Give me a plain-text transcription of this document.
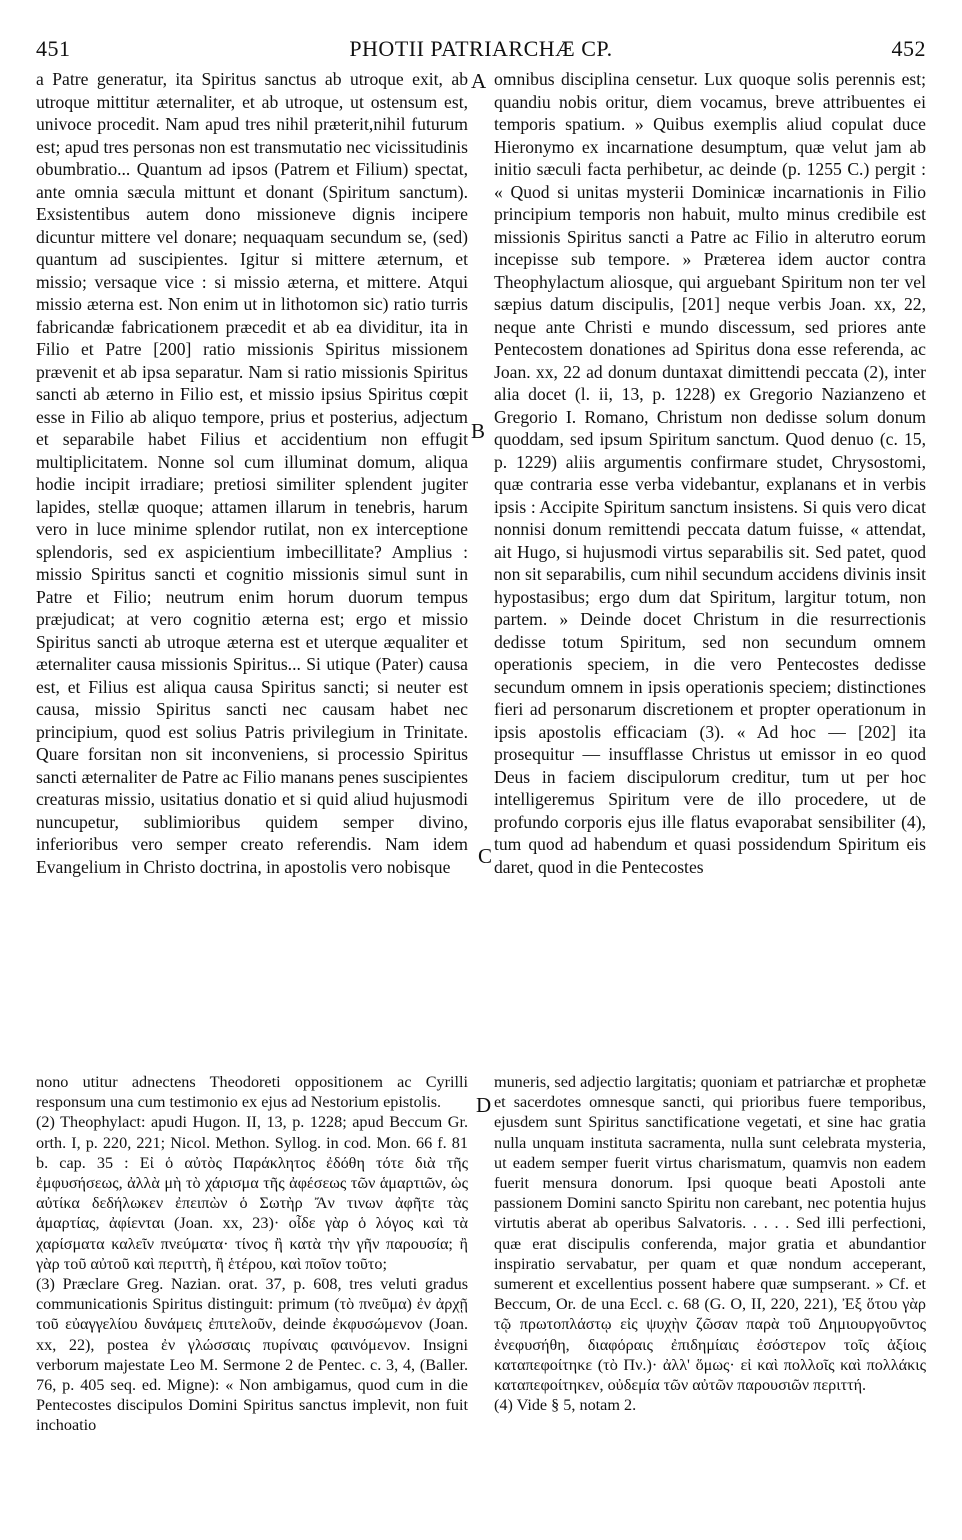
451	PHOTII PATRIARCHÆ CP.	452
a Patre generatur, ita Spiritus sanctus ab utroque exit, ab utroque mittitur æternaliter, et ab utroque, ut ostensum est, univoce procedit. Nam apud tres nihil præterit,nihil futurum est; apud tres personas non est transmutatio nec vicissitudinis obumbratio... Quantum ad ipsos (Patrem et Filium) spectat, ante omnia sæcula mittunt et donant (Spiritum sanctum). Exsistentibus autem dono missioneve dignis incipere dicuntur mittere vel donare; nequaquam secundum se, (sed) quantum ad suscipientes. Igitur si mittere æternum, et missio; versaque vice : si missio æterna, et mittere. Atqui missio æterna est. Non enim ut in lithotomon sic) ratio turris fabricandæ fabricationem præcedit et ab ea dividitur, ita in Filio et Patre [200] ratio missionis Spiritus missionem prævenit et ab ipsa separatur. Nam si ratio missionis Spiritus sancti ab æterno in Filio est, et missio ipsius Spiritus cœpit esse in Filio ab aliquo tempore, prius et posterius, adjectum et separabile habet Filius et accidentium non effugit multiplicitatem. Nonne sol cum illuminat domum, aliqua hodie incipit irradiare; pretiosi similiter splendent jugiter lapides, stellæ quoque; attamen illarum in tenebris, harum vero in luce minime splendor rutilat, non ex interceptione splendoris, sed ex aspicientium imbecillitate? Amplius : missio Spiritus sancti et cognitio missionis simul sunt in Patre et Filio; neutrum enim horum duorum tempus præjudicat; at vero cognitio æterna est; ergo et missio Spiritus sancti ab utroque æterna est et uterque æqualiter et æternaliter causa missionis Spiritus... Si utique (Pater) causa est, et Filius est aliqua causa Spiritus sancti; si neuter est causa, missio Spiritus sancti nec causam habet nec principium, quod est solius Patris privilegium in Trinitate. Quare forsitan non sit inconveniens, si processio Spiritus sancti æternaliter de Patre ac Filio manans penes suscipientes creaturas missio, usitatius donatio et si quid aliud hujusmodi nuncupetur, sublimioribus quidem semper divino, inferioribus vero semper creato referendis. Nam idem Evangelium in Christo doctrina, in apostolis vero nobisque
omnibus disciplina censetur. Lux quoque solis perennis est; quandiu nobis oritur, diem vocamus, breve attribuentes ei temporis spatium. » Quibus exemplis aliud copulat duce Hieronymo ex incarnatione desumptum, quæ velut jam ab initio sæculi facta perhibetur, ac deinde (p. 1255 C.) pergit : « Quod si unitas mysterii Dominicæ incarnationis in Filio principium temporis non habuit, multo minus credibile est missionis Spiritus sancti a Patre ac Filio in alterutro eorum incepisse sub tempore. » Præterea idem auctor contra Theophylactum aliosque, qui arguebant Spiritum non ter vel sæpius datum discipulis, [201] neque verbis Joan. xx, 22, neque ante Christi e mundo discessum, sed priores ante Pentecostem donationes ad Spiritus dona esse referenda, ac Joan. xx, 22 ad donum duntaxat dimittendi peccata (2), inter alia docet (l. ii, 13, p. 1228) ex Gregorio Nazianzeno et Gregorio I. Romano, Christum non dedisse solum donum quoddam, sed ipsum Spiritum sanctum. Quod denuo (c. 15, p. 1229) aliis argumentis confirmare studet, Chrysostomi, quæ contraria esse verba videbantur, explanans et in verbis ipsis : Accipite Spiritum sanctum insistens. Si quis vero dicat nonnisi donum remittendi peccata datum fuisse, « attendat, ait Hugo, si hujusmodi virtus separabilis sit. Sed patet, quod non sit separabilis, cum nihil secundum accidens divinis insit hypostasibus; ergo dum dat Spiritum, largitur totum, non partem. » Deinde docet Christum in die resurrectionis dedisse totum Spiritum, sed non secundum omnem operationis speciem, in die vero Pentecostes dedisse secundum omnem in ipsis operationis speciem; distinctiones fieri ad personarum discretionem et propter operationum in ipsis apostolis efficaciam (3). « Ad hoc — [202] ita prosequitur — insufflasse Christus ut emissor in eo quod Deus in faciem discipulorum creditur, tum ut per hoc intelligeremus Spiritum vere de illo procedere, ut de profundo corporis ejus ille flatus evaporabat sensibiliter (4), tum quod ad habendum et quasi possidendum Spiritum eis daret, quod in die Pentecostes
A
B
C
D

nono utitur adnectens Theodoreti oppositionem ac Cyrilli responsum una cum testimonio ex ejus ad Nestorium epistolis.

(2) Theophylact: apudi Hugon. II, 13, p. 1228; apud Beccum Gr. orth. I, p. 220, 221; Nicol. Methon. Syllog. in cod. Mon. 66 f. 81 b. cap. 35 : Εἰ ὁ αὐτὸς Παράκλητος ἐδόθη τότε διὰ τῆς ἐμφυσήσεως, ἀλλὰ μὴ τὸ χάρισμα τῆς ἀφέσεως τῶν ἁμαρτιῶν, ὡς αὐτίκα δεδήλωκεν ἐπειπὼν ὁ Σωτὴρ Ἄν τινων ἀφῆτε τὰς ἁμαρτίας, ἀφίενται (Joan. xx, 23)· οἶδε γὰρ ὁ λόγος καὶ τὰ χαρίσματα καλεῖν πνεύματα· τίνος ἢ κατὰ τὴν γῆν παρουσία; ἢ γὰρ τοῦ αὐτοῦ καὶ περιττὴ, ἢ ἑτέρου, καὶ ποῖον τοῦτο;

(3) Præclare Greg. Nazian. orat. 37, p. 608, tres veluti gradus communicationis Spiritus distinguit: primum (τὸ πνεῦμα) ἐν ἀρχῇ τοῦ εὐαγγελίου δυνάμεις ἐπιτελοῦν, deinde ἐκφυσώμενον (Joan. xx, 22), postea ἐν γλώσσαις πυρίναις φαινόμενον. Insigni verborum majestate Leo M. Sermone 2 de Pentec. c. 3, 4, (Baller. 76, p. 405 seq. ed. Migne): « Non ambigamus, quod cum in die Pentecostes discipulos Domini Spiritus sanctus implevit, non fuit inchoatio

muneris, sed adjectio largitatis; quoniam et patriarchæ et prophetæ et sacerdotes omnesque sancti, qui prioribus fuere temporibus, ejusdem sunt Spiritus sanctificatione vegetati, et sine hac gratia nulla unquam instituta sacramenta, nulla sunt celebrata mysteria, ut eadem semper fuerit virtus charismatum, quamvis non eadem fuerit mensura donorum. Ipsi quoque beati Apostoli ante passionem Domini sancto Spiritu non carebant, nec potentia hujus virtutis aberat ab operibus Salvatoris. . . . . Sed illi perfectioni, quæ erat discipulis conferenda, major gratia et abundantior inspiratio servabatur, per quam et quæ nondum acceperant, sumerent et excellentius possent habere quæ sumpserant. » Cf. et Beccum, Or. de una Eccl. c. 68 (G. O, II, 220, 221), Ἐξ ὅτου γὰρ τῷ πρωτοπλάστῳ εἰς ψυχὴν ζῶσαν παρὰ τοῦ Δημιουργοῦντος ἐνεφυσήθη, διαφόραις ἐπιδημίαις ἐσόστερον τοῖς ἀξίοις καταπεφοίτηκε (τὸ Πν.)· ἀλλ' ὅμως· εἰ καὶ πολλοῖς καὶ πολλάκις καταπεφοίτηκεν, οὐδεμία τῶν αὐτῶν παρουσιῶν περιττή.

(4) Vide § 5, notam 2.
